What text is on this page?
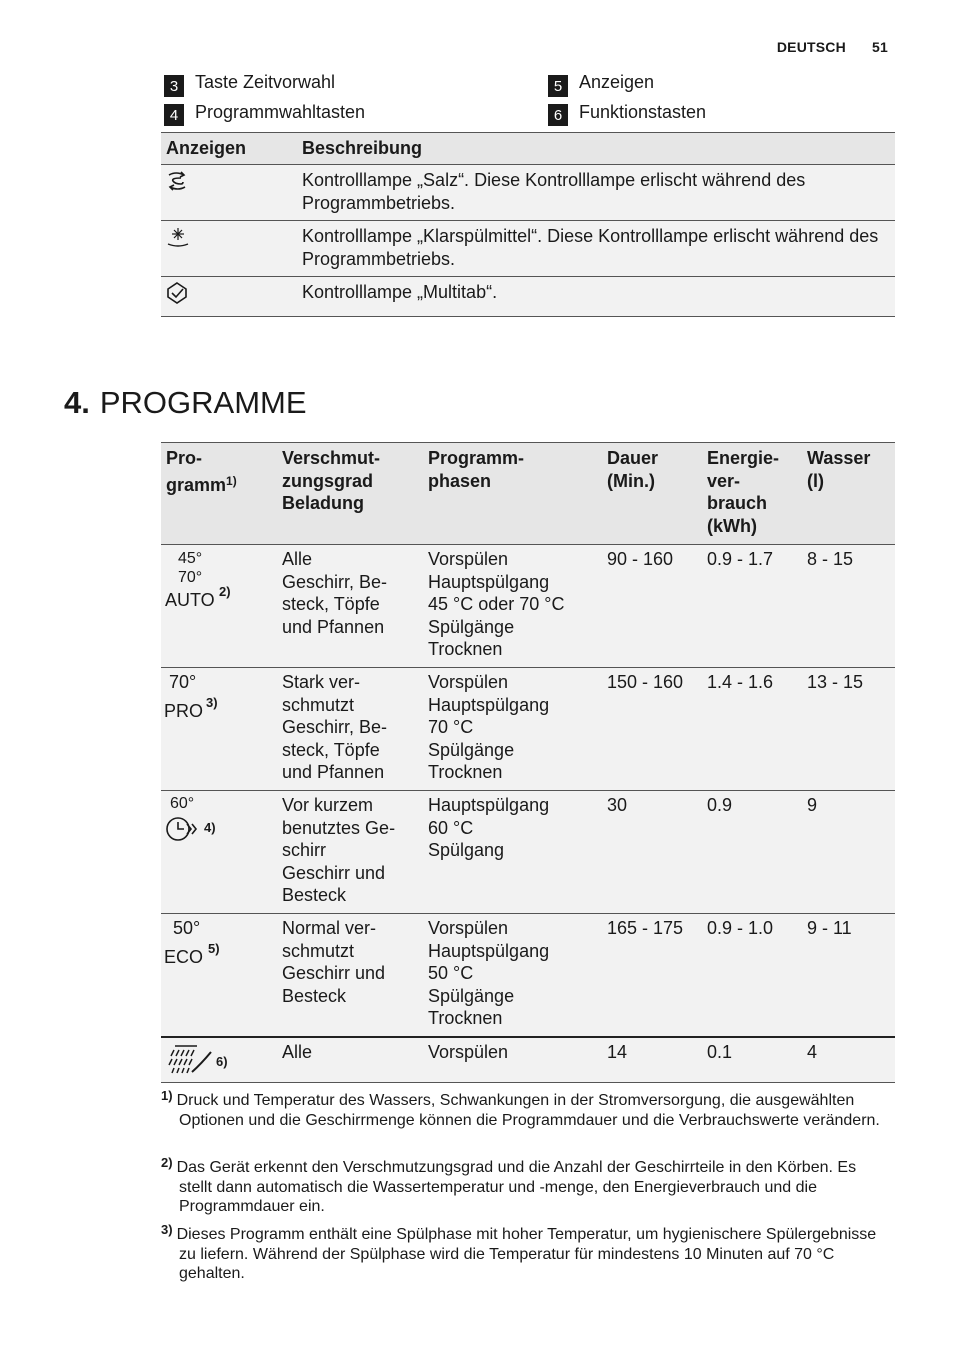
DEUTSCH 51
3 Taste Zeitvorwahl
4 Programmwahltasten
5 Anzeigen
6 Funktionstasten
Anzeigen	Beschreibung
	Kontrolllampe „Salz“. Diese Kontrolllampe erlischt während des Programmbetriebs.
	Kontrolllampe „Klarspülmittel“. Diese Kontrolllampe erlischt während des Programmbetriebs.
	Kontrolllampe „Multitab“.
4. PROGRAMME
Pro-
gramm$^{1)}$	Verschmut-
zungsgrad
Beladung	Programm-
phasen	Dauer
(Min.)	Energie-
ver-
brauch
(kWh)	Wasser
(l)

45°
70°
AUTO 2)	Alle
Geschirr, Be-
steck, Töpfe
und Pfannen	Vorspülen
Hauptspülgang
45 °C oder 70 °C
Spülgänge
Trocknen	90 - 160	0.9 - 1.7	8 - 15

70°
PRO 3)	Stark ver-
schmutzt
Geschirr, Be-
steck, Töpfe
und Pfannen	Vorspülen
Hauptspülgang
70 °C
Spülgänge
Trocknen	150 - 160	1.4 - 1.6	13 - 15

60°
4)	Vor kurzem
benutztes Ge-
schirr
Geschirr und
Besteck	Hauptspülgang
60 °C
Spülgang	30	0.9	9

50°
ECO 5)	Normal ver-
schmutzt
Geschirr und
Besteck	Vorspülen
Hauptspülgang
50 °C
Spülgänge
Trocknen	165 - 175	0.9 - 1.0	9 - 11

6)	Alle	Vorspülen	14	0.1	4
$^{1)}$ Druck und Temperatur des Wassers, Schwankungen in der Stromversorgung, die ausgewählten Optionen und die Geschirrmenge können die Programmdauer und die Verbrauchswerte verändern.
$^{2)}$ Das Gerät erkennt den Verschmutzungsgrad und die Anzahl der Geschirrteile in den Körben. Es stellt dann automatisch die Wassertemperatur und -menge, den Energieverbrauch und die Programmdauer ein.
$^{3)}$ Dieses Programm enthält eine Spülphase mit hoher Temperatur, um hygienischere Spülergebnisse zu liefern. Während der Spülphase wird die Temperatur für mindestens 10 Minuten auf 70 °C gehalten.
